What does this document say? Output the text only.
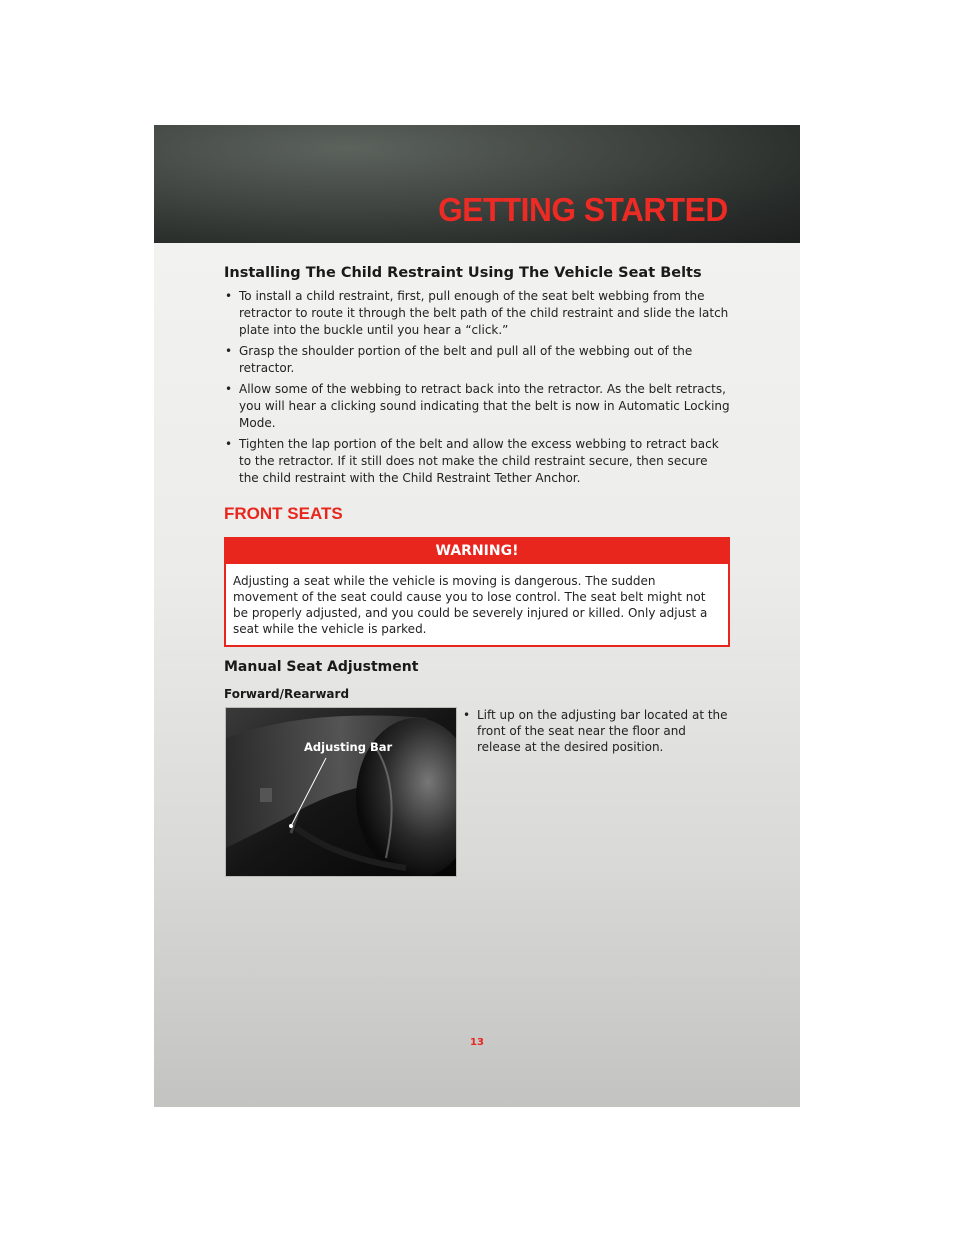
GETTING STARTED
Installing The Child Restraint Using The Vehicle Seat Belts
• To install a child restraint, first, pull enough of the seat belt webbing from the retractor to route it through the belt path of the child restraint and slide the latch plate into the buckle until you hear a “click.”
• Grasp the shoulder portion of the belt and pull all of the webbing out of the retractor.
• Allow some of the webbing to retract back into the retractor. As the belt retracts, you will hear a clicking sound indicating that the belt is now in Automatic Locking Mode.
• Tighten the lap portion of the belt and allow the excess webbing to retract back to the retractor. If it still does not make the child restraint secure, then secure the child restraint with the Child Restraint Tether Anchor.
FRONT SEATS
WARNING!
Adjusting a seat while the vehicle is moving is dangerous. The sudden movement of the seat could cause you to lose control. The seat belt might not be properly adjusted, and you could be severely injured or killed. Only adjust a seat while the vehicle is parked.
Manual Seat Adjustment
Forward/Rearward
Adjusting Bar
• Lift up on the adjusting bar located at the front of the seat near the floor and release at the desired position.
13
